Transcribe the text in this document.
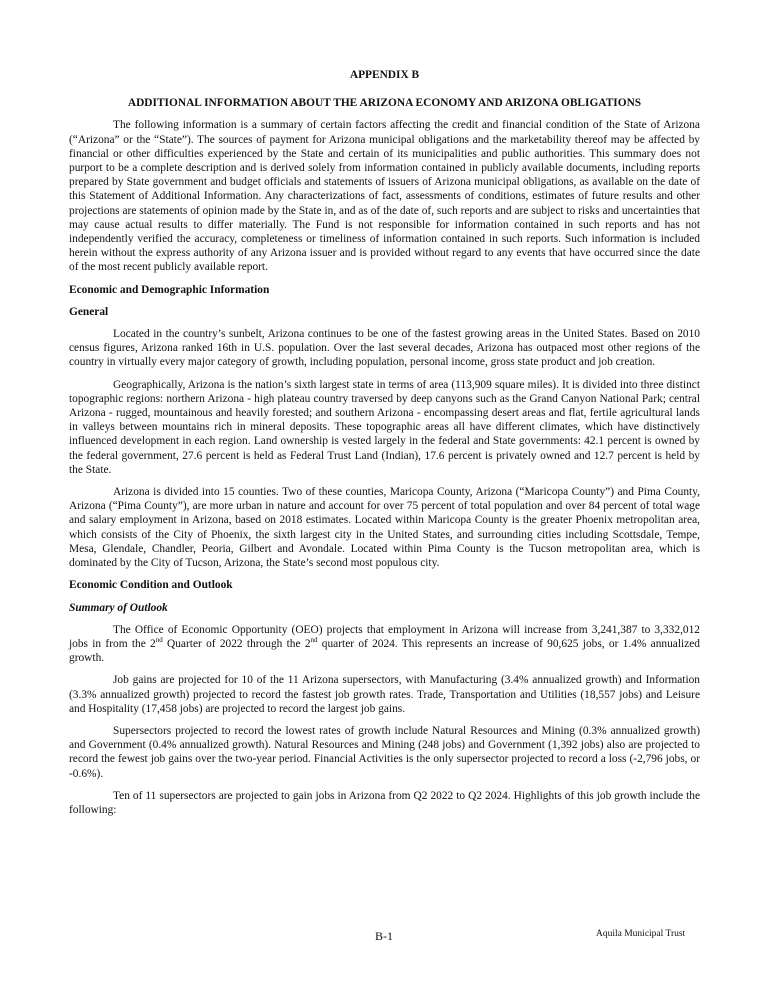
APPENDIX B
ADDITIONAL INFORMATION ABOUT THE ARIZONA ECONOMY AND ARIZONA OBLIGATIONS

The following information is a summary of certain factors affecting the credit and financial condition of the State of Arizona (“Arizona” or the “State”). The sources of payment for Arizona municipal obligations and the marketability thereof may be affected by financial or other difficulties experienced by the State and certain of its municipalities and public authorities. This summary does not purport to be a complete description and is derived solely from information contained in publicly available documents, including reports prepared by State government and budget officials and statements of issuers of Arizona municipal obligations, as available on the date of this Statement of Additional Information. Any characterizations of fact, assessments of conditions, estimates of future results and other projections are statements of opinion made by the State in, and as of the date of, such reports and are subject to risks and uncertainties that may cause actual results to differ materially. The Fund is not responsible for information contained in such reports and has not independently verified the accuracy, completeness or timeliness of information contained in such reports. Such information is included herein without the express authority of any Arizona issuer and is provided without regard to any events that have occurred since the date of the most recent publicly available report.

Economic and Demographic Information
General

Located in the country’s sunbelt, Arizona continues to be one of the fastest growing areas in the United States. Based on 2010 census figures, Arizona ranked 16th in U.S. population. Over the last several decades, Arizona has outpaced most other regions of the country in virtually every major category of growth, including population, personal income, gross state product and job creation.

Geographically, Arizona is the nation’s sixth largest state in terms of area (113,909 square miles). It is divided into three distinct topographic regions: northern Arizona - high plateau country traversed by deep canyons such as the Grand Canyon National Park; central Arizona - rugged, mountainous and heavily forested; and southern Arizona - encompassing desert areas and flat, fertile agricultural lands in valleys between mountains rich in mineral deposits. These topographic areas all have different climates, which have distinctively influenced development in each region. Land ownership is vested largely in the federal and State governments: 42.1 percent is owned by the federal government, 27.6 percent is held as Federal Trust Land (Indian), 17.6 percent is privately owned and 12.7 percent is held by the State.

Arizona is divided into 15 counties. Two of these counties, Maricopa County, Arizona (“Maricopa County”) and Pima County, Arizona (“Pima County”), are more urban in nature and account for over 75 percent of total population and over 84 percent of total wage and salary employment in Arizona, based on 2018 estimates. Located within Maricopa County is the greater Phoenix metropolitan area, which consists of the City of Phoenix, the sixth largest city in the United States, and surrounding cities including Scottsdale, Tempe, Mesa, Glendale, Chandler, Peoria, Gilbert and Avondale. Located within Pima County is the Tucson metropolitan area, which is dominated by the City of Tucson, Arizona, the State’s second most populous city.

Economic Condition and Outlook
Summary of Outlook

The Office of Economic Opportunity (OEO) projects that employment in Arizona will increase from 3,241,387 to 3,332,012 jobs in from the 2nd Quarter of 2022 through the 2nd quarter of 2024. This represents an increase of 90,625 jobs, or 1.4% annualized growth.

Job gains are projected for 10 of the 11 Arizona supersectors, with Manufacturing (3.4% annualized growth) and Information (3.3% annualized growth) projected to record the fastest job growth rates. Trade, Transportation and Utilities (18,557 jobs) and Leisure and Hospitality (17,458 jobs) are projected to record the largest job gains.

Supersectors projected to record the lowest rates of growth include Natural Resources and Mining (0.3% annualized growth) and Government (0.4% annualized growth). Natural Resources and Mining (248 jobs) and Government (1,392 jobs) also are projected to record the fewest job gains over the two-year period. Financial Activities is the only supersector projected to record a loss (-2,796 jobs, or -0.6%).

Ten of 11 supersectors are projected to gain jobs in Arizona from Q2 2022 to Q2 2024. Highlights of this job growth include the following:

B-1	Aquila Municipal Trust
